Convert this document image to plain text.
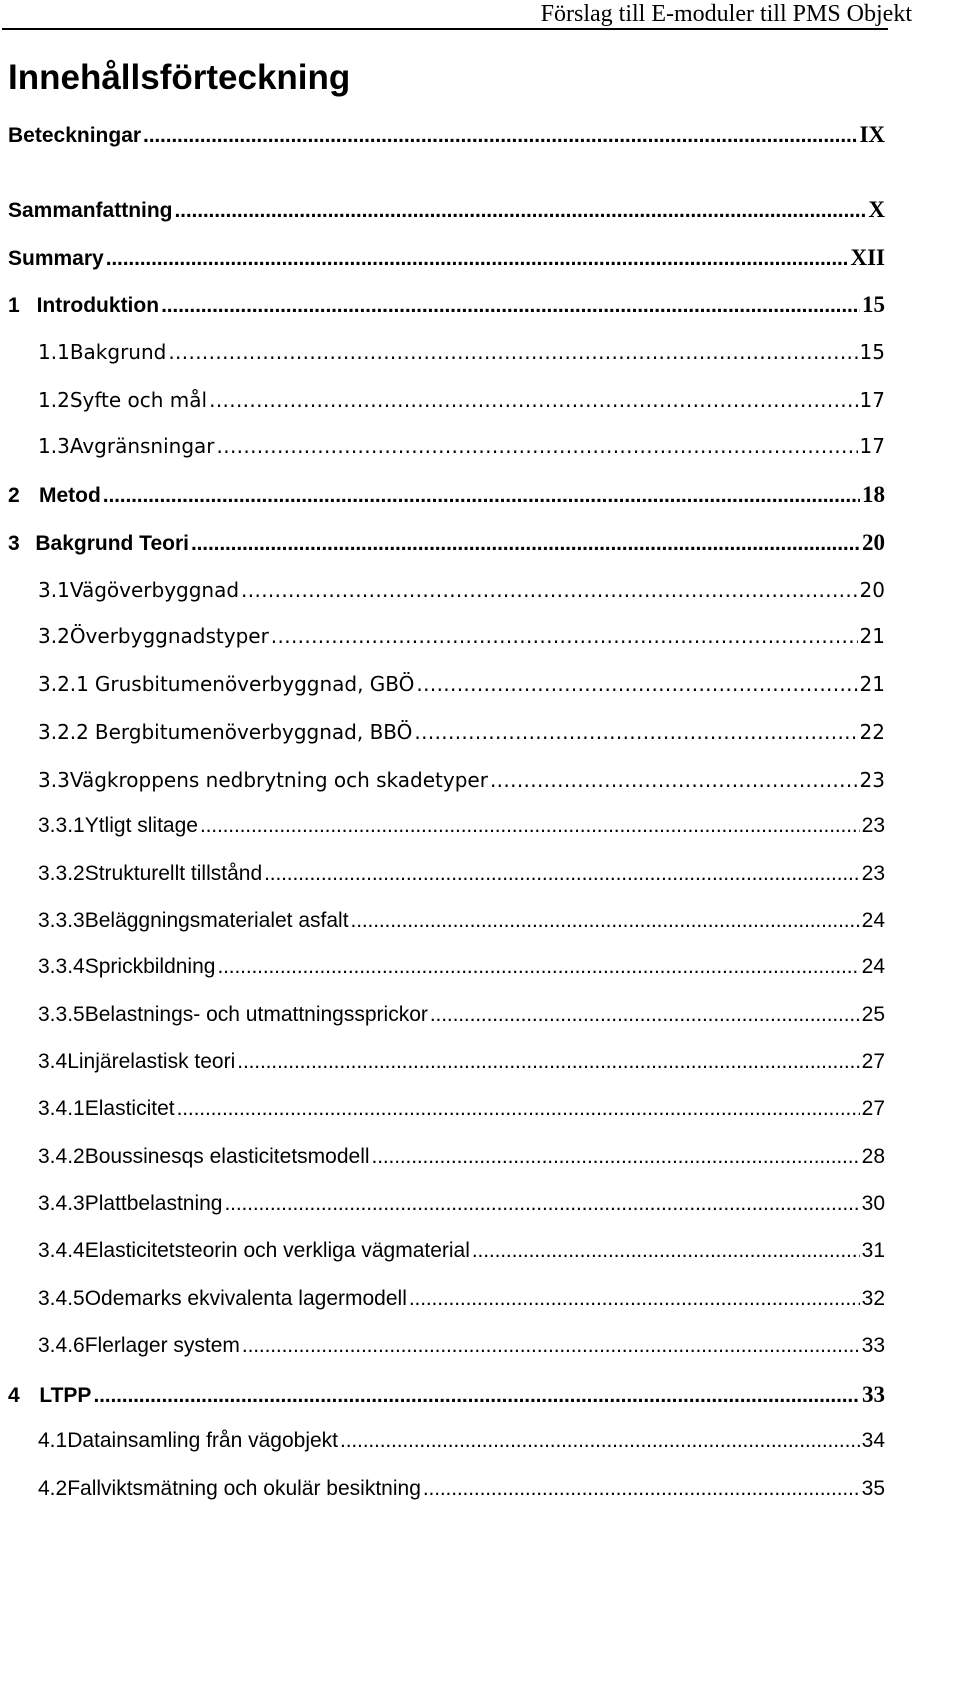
Förslag till E-moduler till PMS Objekt
Innehållsförteckning
Beteckningar . . .	IX
Sammanfattning . . .	X
Summary . . .	XII
1 Introduktion . . .	15
1.1 Bakgrund . . .	15
1.2 Syfte och mål . . .	17
1.3 Avgränsningar . . .	17
2 Metod . . .	18
3 Bakgrund Teori . . .	20
3.1 Vägöverbyggnad . . .	20
3.2 Överbyggnadstyper . . .	21
3.2.1 Grusbitumenöverbyggnad, GBÖ . . .	21
3.2.2 Bergbitumenöverbyggnad, BBÖ . . .	22
3.3 Vägkroppens nedbrytning och skadetyper . . .	23
3.3.1 Ytligt slitage . . .	23
3.3.2 Strukturellt tillstånd . . .	23
3.3.3 Beläggningsmaterialet asfalt . . .	24
3.3.4 Sprickbildning . . .	24
3.3.5 Belastnings- och utmattningssprickor . . .	25
3.4 Linjärelastisk teori . . .	27
3.4.1 Elasticitet . . .	27
3.4.2 Boussinesqs elasticitetsmodell . . .	28
3.4.3 Plattbelastning . . .	30
3.4.4 Elasticitetsteorin och verkliga vägmaterial . . .	31
3.4.5 Odemarks ekvivalenta lagermodell . . .	32
3.4.6 Flerlager system . . .	33
4 LTPP . . .	33
4.1 Datainsamling från vägobjekt . . .	34
4.2 Fallviktsmätning och okulär besiktning . . .	35
